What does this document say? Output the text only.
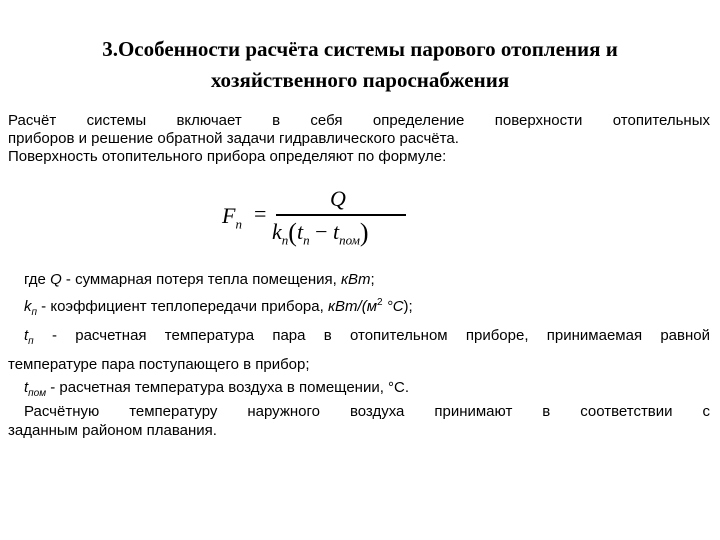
3.Особенности расчёта системы парового отопления и
хозяйственного пароснабжения
Расчёт системы включает в себя определение поверхности отопительных
приборов и решение обратной задачи гидравлического расчёта.
Поверхность отопительного прибора определяют по формуле:
$F_п$ =
Q
$k_п(t_п - t_{пом})$
где Q - суммарная потеря тепла помещения, кВт;
$k_п$ - коэффициент теплопередачи прибора, кВт/($м^2$ °С);
$t_п$ - расчетная температура пара в отопительном приборе, принимаемая равной
температуре пара поступающего в прибор;
$t_{пом}$ - расчетная температура воздуха в помещении, °С.
Расчётную температуру наружного воздуха принимают в соответствии с
заданным районом плавания.
